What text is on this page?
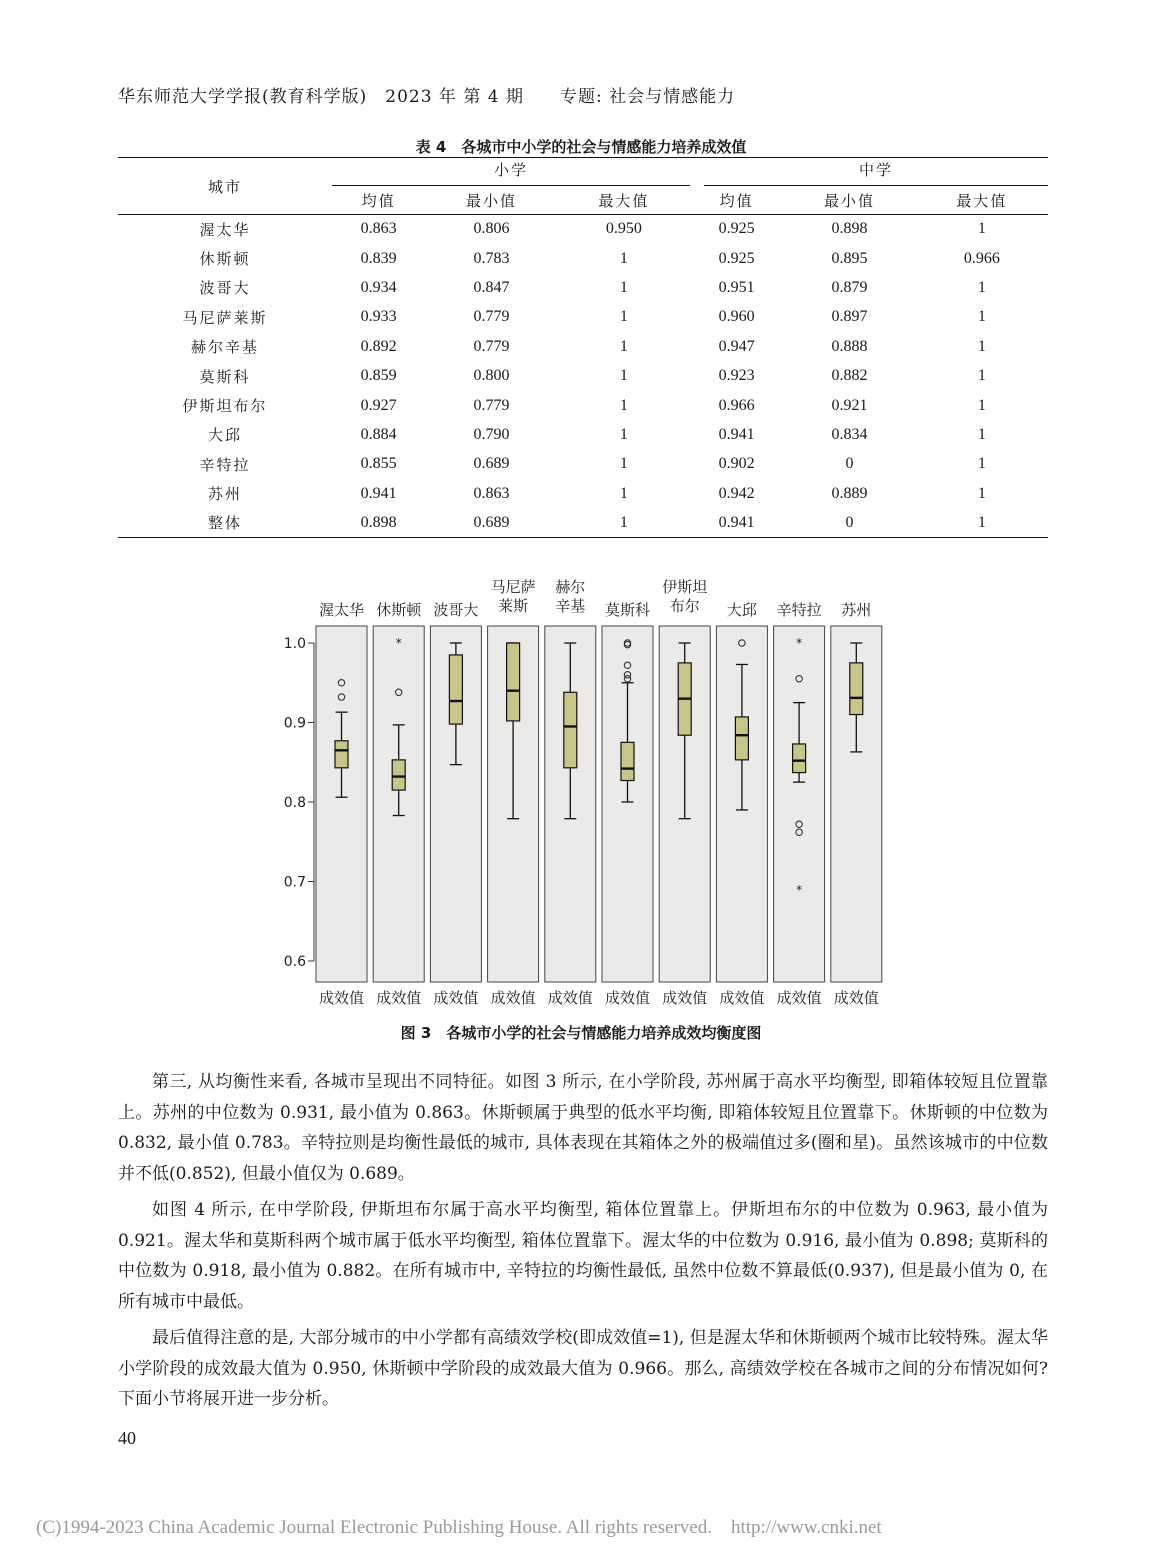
华东师范大学学报(教育科学版)　2023 年 第 4 期　　专题: 社会与情感能力
表 4　各城市中小学的社会与情感能力培养成效值
城市	小学			中学		

	均值	最小值	最大值	均值	最小值	最大值
渥太华	0.863	0.806	0.950	0.925	0.898	1
休斯顿	0.839	0.783	1	0.925	0.895	0.966
波哥大	0.934	0.847	1	0.951	0.879	1
马尼萨莱斯	0.933	0.779	1	0.960	0.897	1
赫尔辛基	0.892	0.779	1	0.947	0.888	1
莫斯科	0.859	0.800	1	0.923	0.882	1
伊斯坦布尔	0.927	0.779	1	0.966	0.921	1
大邱	0.884	0.790	1	0.941	0.834	1
辛特拉	0.855	0.689	1	0.902	0	1
苏州	0.941	0.863	1	0.942	0.889	1
整体	0.898	0.689	1	0.941	0	1
0.6
0.7
0.8
0.9
1.0
渥太华
成效值
休斯顿
成效值
*
波哥大
成效值
马尼萨
莱斯
成效值
赫尔
辛基
成效值
莫斯科
成效值
伊斯坦
布尔
成效值
大邱
成效值
辛特拉
成效值
*
*
苏州
成效值
图 3　各城市小学的社会与情感能力培养成效均衡度图

第三, 从均衡性来看, 各城市呈现出不同特征。如图 3 所示, 在小学阶段, 苏州属于高水平均衡型, 即箱体较短且位置靠上。苏州的中位数为 0.931, 最小值为 0.863。休斯顿属于典型的低水平均衡, 即箱体较短且位置靠下。休斯顿的中位数为 0.832, 最小值 0.783。辛特拉则是均衡性最低的城市, 具体表现在其箱体之外的极端值过多(圈和星)。虽然该城市的中位数并不低(0.852), 但最小值仅为 0.689。

如图 4 所示, 在中学阶段, 伊斯坦布尔属于高水平均衡型, 箱体位置靠上。伊斯坦布尔的中位数为 0.963, 最小值为 0.921。渥太华和莫斯科两个城市属于低水平均衡型, 箱体位置靠下。渥太华的中位数为 0.916, 最小值为 0.898; 莫斯科的中位数为 0.918, 最小值为 0.882。在所有城市中, 辛特拉的均衡性最低, 虽然中位数不算最低(0.937), 但是最小值为 0, 在所有城市中最低。

最后值得注意的是, 大部分城市的中小学都有高绩效学校(即成效值=1), 但是渥太华和休斯顿两个城市比较特殊。渥太华小学阶段的成效最大值为 0.950, 休斯顿中学阶段的成效最大值为 0.966。那么, 高绩效学校在各城市之间的分布情况如何? 下面小节将展开进一步分析。

40
(C)1994-2023 China Academic Journal Electronic Publishing House. All rights reserved.    http://www.cnki.net
